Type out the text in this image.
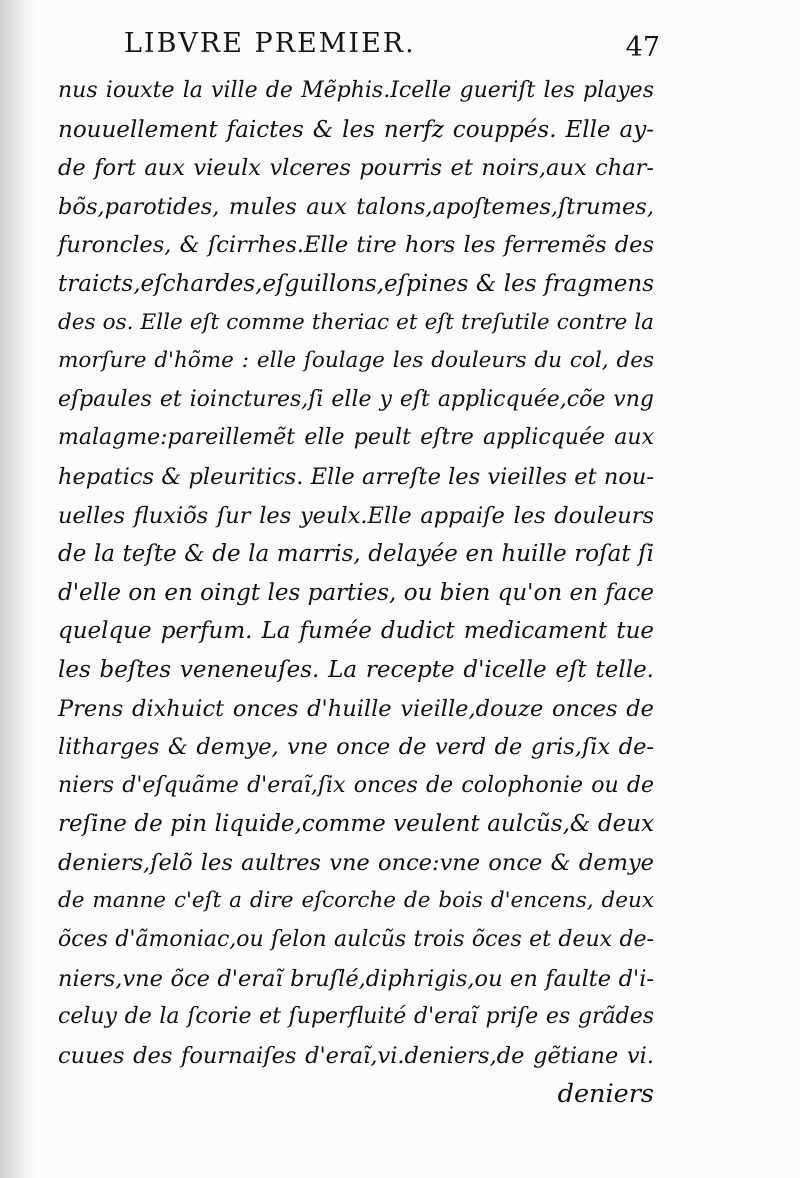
LIBVRE PREMIER.	47
nus iouxte la ville de Mẽphis.Icelle gueriſt les playes
nouuellement faictes & les nerfz couppés. Elle ay-
de fort aux vieulx vlceres pourris et noirs,aux char-
bõs,parotides, mules aux talons,apoſtemes,ſtrumes,
furoncles, & ſcirrhes.Elle tire hors les ferremẽs des
traicts,eſchardes,eſguillons,eſpines & les fragmens
des os. Elle eſt comme theriac et eſt treſutile contre la
morſure d'hõme : elle ſoulage les douleurs du col, des
eſpaules et ioinctures,ſi elle y eſt applicquée,cõe vng
malagme:pareillemẽt elle peult eſtre applicquée aux
hepatics & pleuritics. Elle arreſte les vieilles et nou-
uelles fluxiõs ſur les yeulx.Elle appaiſe les douleurs
de la teſte & de la marris, delayée en huille roſat ſi
d'elle on en oingt les parties, ou bien qu'on en face
quelque perfum. La fumée dudict medicament tue
les beſtes veneneuſes. La recepte d'icelle eſt telle.
Prens dixhuict onces d'huille vieille,douze onces de
litharges & demye, vne once de verd de gris,ſix de-
niers d'eſquãme d'eraĩ,ſix onces de colophonie ou de
reſine de pin liquide,comme veulent aulcũs,& deux
deniers,ſelõ les aultres vne once:vne once & demye
de manne c'eſt a dire eſcorche de bois d'encens, deux
õces d'ãmoniac,ou ſelon aulcũs trois õces et deux de-
niers,vne õce d'eraĩ bruſlé,diphrigis,ou en faulte d'i-
celuy de la ſcorie et ſuperfluité d'eraĩ priſe es grãdes
cuues des fournaiſes d'eraĩ,vi.deniers,de gẽtiane vi.
deniers
